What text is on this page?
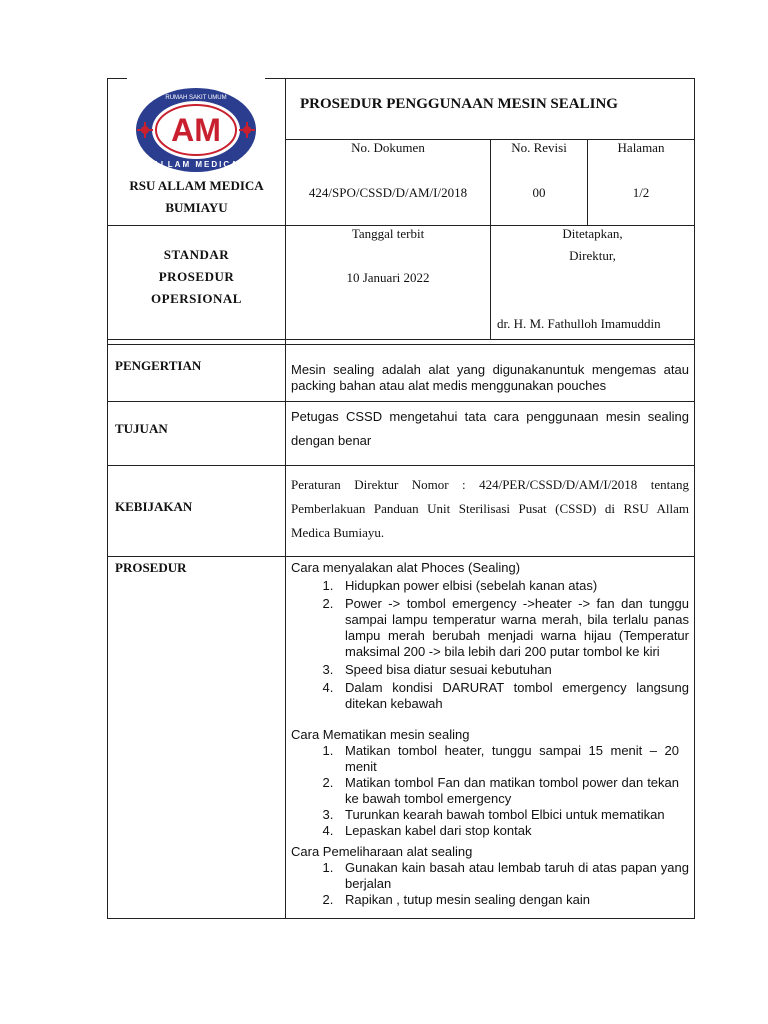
RUMAH SAKIT UMUM
AM
ALLAM MEDICA
PROSEDUR PENGGUNAAN MESIN SEALING
RSU ALLAM MEDICA
BUMIAYU
STANDAR
PROSEDUR
OPERSIONAL
No. Dokumen
424/SPO/CSSD/D/AM/I/2018
No. Revisi
00
Halaman
1/2
Tanggal terbit
10 Januari 2022
Ditetapkan,
Direktur,
dr. H. M. Fathulloh Imamuddin
PENGERTIAN	Mesin sealing adalah alat yang digunakanuntuk mengemas atau packing bahan atau alat medis menggunakan pouches
TUJUAN
Petugas CSSD mengetahui tata cara penggunaan mesin sealing dengan benar
KEBIJAKAN
Peraturan Direktur Nomor : 424/PER/CSSD/D/AM/I/2018 tentang Pemberlakuan Panduan Unit Sterilisasi Pusat (CSSD) di RSU Allam Medica Bumiayu.
PROSEDUR	Cara menyalakan alat Phoces (Sealing)
1. Hidupkan power elbisi (sebelah kanan atas)
2. Power -> tombol emergency ->heater -> fan dan tunggu sampai lampu temperatur warna merah, bila terlalu panas lampu merah berubah menjadi warna hijau (Temperatur maksimal 200 -> bila lebih dari 200 putar tombol ke kiri
3. Speed bisa diatur sesuai kebutuhan
4. Dalam kondisi DARURAT tombol emergency langsung ditekan kebawah
Cara Mematikan mesin sealing
1. Matikan tombol heater, tunggu sampai 15 menit – 20 menit
2. Matikan tombol Fan dan matikan tombol power dan tekan ke bawah tombol emergency
3. Turunkan kearah bawah tombol Elbici untuk mematikan
4. Lepaskan kabel dari stop kontak
Cara Pemeliharaan alat sealing
1. Gunakan kain basah atau lembab taruh di atas papan yang berjalan
2. Rapikan , tutup mesin sealing dengan kain
